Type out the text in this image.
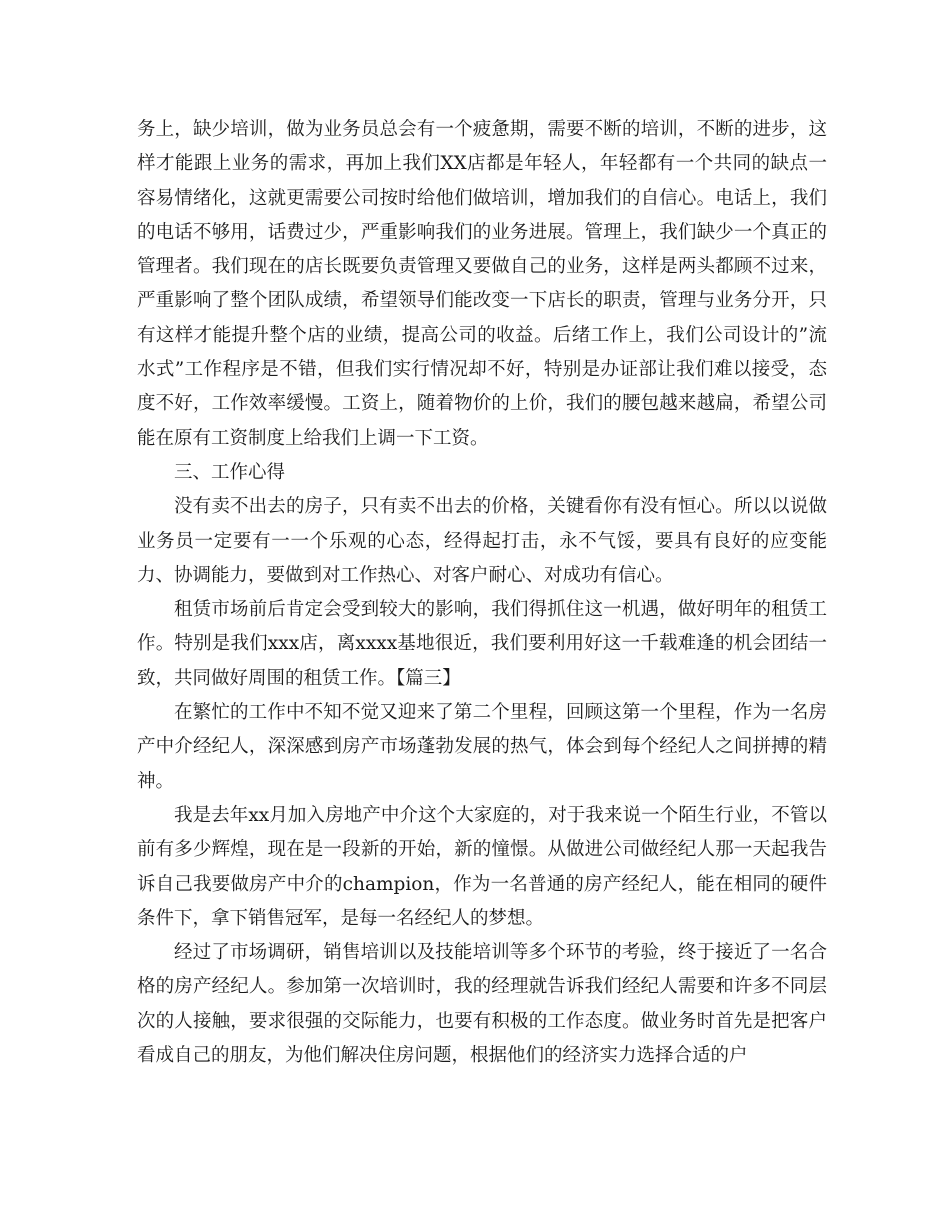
务上，缺少培训，做为业务员总会有一个疲惫期，需要不断的培训，不断的进步，这样才能跟上业务的需求，再加上我们XX店都是年轻人，年轻都有一个共同的缺点一容易情绪化，这就更需要公司按时给他们做培训，增加我们的自信心。电话上，我们的电话不够用，话费过少，严重影响我们的业务进展。管理上，我们缺少一个真正的管理者。我们现在的店长既要负责管理又要做自己的业务，这样是两头都顾不过来，严重影响了整个团队成绩，希望领导们能改变一下店长的职责，管理与业务分开，只有这样才能提升整个店的业绩，提高公司的收益。后绪工作上，我们公司设计的”流水式”工作程序是不错，但我们实行情况却不好，特别是办证部让我们难以接受，态度不好，工作效率缓慢。工资上，随着物价的上价，我们的腰包越来越扁，希望公司能在原有工资制度上给我们上调一下工资。

三、工作心得

没有卖不出去的房子，只有卖不出去的价格，关键看你有没有恒心。所以以说做业务员一定要有一一个乐观的心态，经得起打击，永不气馁，要具有良好的应变能力、协调能力，要做到对工作热心、对客户耐心、对成功有信心。

租赁市场前后肯定会受到较大的影响，我们得抓住这一机遇，做好明年的租赁工作。特别是我们xxx店，离xxxx基地很近，我们要利用好这一千载难逢的机会团结一致，共同做好周围的租赁工作。【篇三】

在繁忙的工作中不知不觉又迎来了第二个里程，回顾这第一个里程，作为一名房产中介经纪人，深深感到房产市场蓬勃发展的热气，体会到每个经纪人之间拼搏的精神。

我是去年xx月加入房地产中介这个大家庭的，对于我来说一个陌生行业，不管以前有多少辉煌，现在是一段新的开始，新的憧憬。从做进公司做经纪人那一天起我告诉自己我要做房产中介的champion，作为一名普通的房产经纪人，能在相同的硬件条件下，拿下销售冠军，是每一名经纪人的梦想。

经过了市场调研，销售培训以及技能培训等多个环节的考验，终于接近了一名合格的房产经纪人。参加第一次培训时，我的经理就告诉我们经纪人需要和许多不同层次的人接触，要求很强的交际能力，也要有积极的工作态度。做业务时首先是把客户看成自己的朋友，为他们解决住房问题，根据他们的经济实力选择合适的户
